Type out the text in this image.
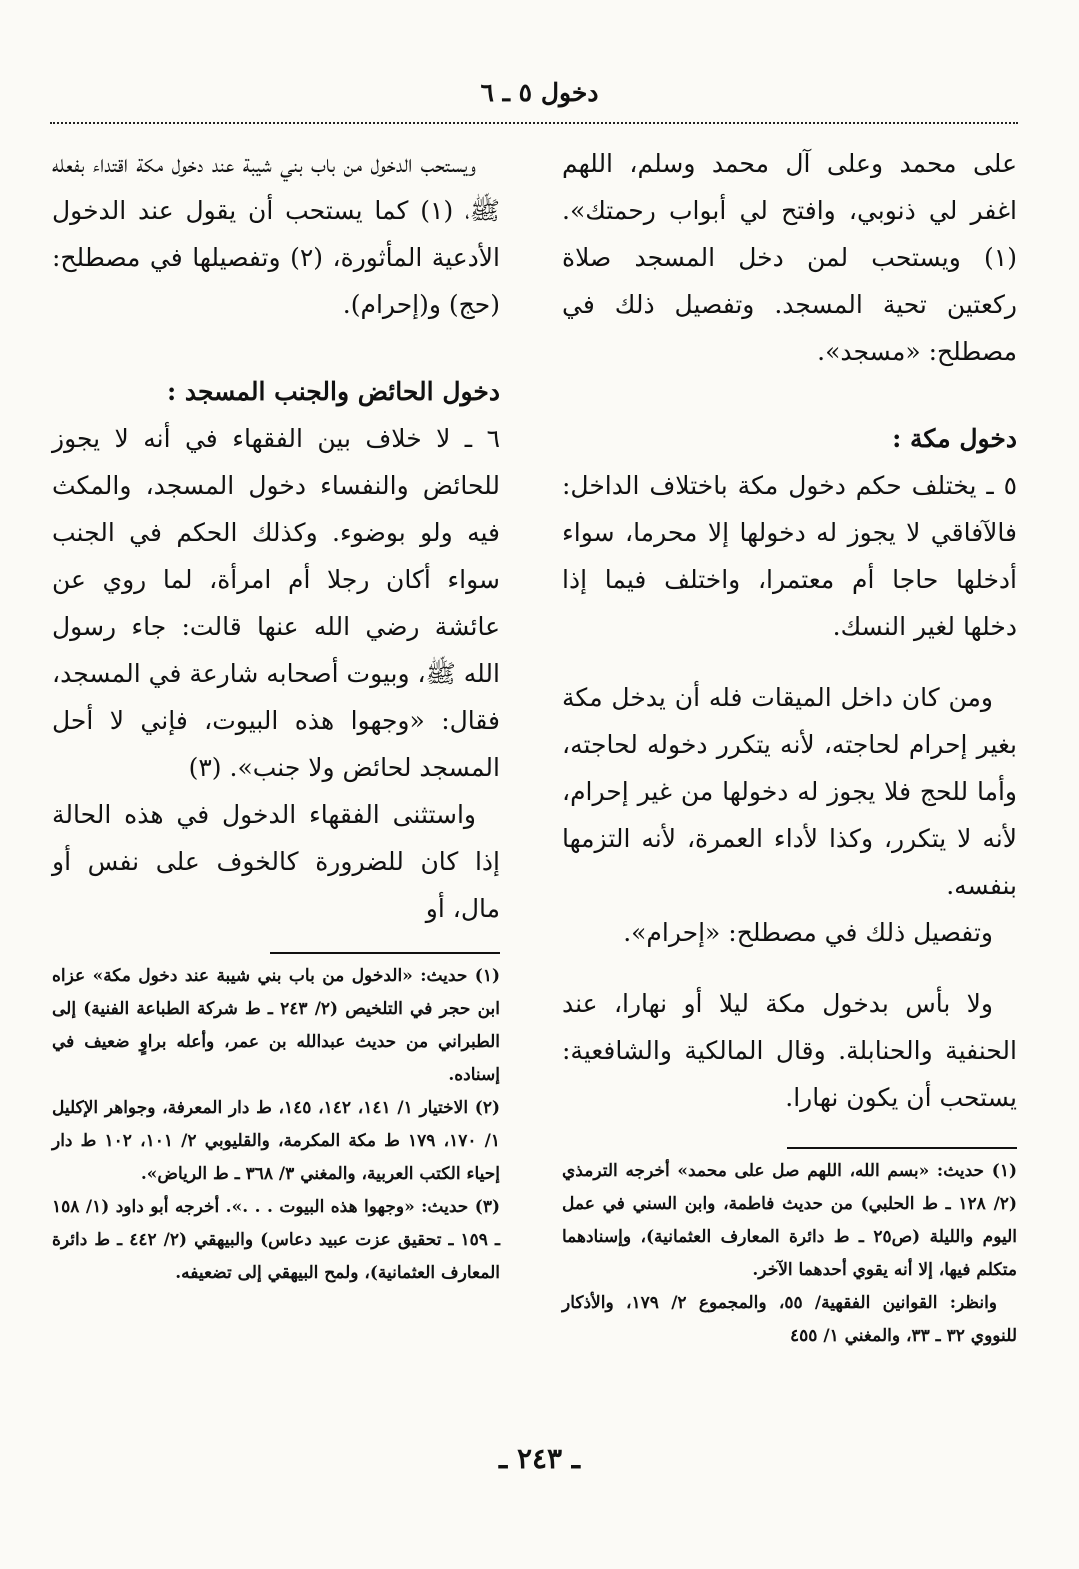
دخول ٥ ـ ٦

على محمد وعلى آل محمد وسلم، اللهم اغفر لي ذنوبي، وافتح لي أبواب رحمتك». (١) ويستحب لمن دخل المسجد صلاة ركعتين تحية المسجد. وتفصيل ذلك في مصطلح: «مسجد».

دخول مكة :

٥ ـ يختلف حكم دخول مكة باختلاف الداخل: فالآفاقي لا يجوز له دخولها إلا محرما، سواء أدخلها حاجا أم معتمرا، واختلف فيما إذا دخلها لغير النسك.

ومن كان داخل الميقات فله أن يدخل مكة بغير إحرام لحاجته، لأنه يتكرر دخوله لحاجته، وأما للحج فلا يجوز له دخولها من غير إحرام، لأنه لا يتكرر، وكذا لأداء العمرة، لأنه التزمها بنفسه.

وتفصيل ذلك في مصطلح: «إحرام».

ولا بأس بدخول مكة ليلا أو نهارا، عند الحنفية والحنابلة. وقال المالكية والشافعية: يستحب أن يكون نهارا.

(١) حديث: «بسم الله، اللهم صل على محمد» أخرجه الترمذي (٢/ ١٢٨ ـ ط الحلبي) من حديث فاطمة، وابن السني في عمل اليوم والليلة (ص٢٥ ـ ط دائرة المعارف العثمانية)، وإسنادهما متكلم فيها، إلا أنه يقوي أحدهما الآخر.

وانظر: القوانين الفقهية/ ٥٥، والمجموع ٢/ ١٧٩، والأذكار للنووي ٣٢ ـ ٣٣، والمغني ١/ ٤٥٥

ويستحب الدخول من باب بني شيبة عند دخول مكة اقتداء بفعله ﷺ، (١) كما يستحب أن يقول عند الدخول الأدعية المأثورة، (٢) وتفصيلها في مصطلح: (حج) و(إحرام).

دخول الحائض والجنب المسجد :

٦ ـ لا خلاف بين الفقهاء في أنه لا يجوز للحائض والنفساء دخول المسجد، والمكث فيه ولو بوضوء. وكذلك الحكم في الجنب سواء أكان رجلا أم امرأة، لما روي عن عائشة رضي الله عنها قالت: جاء رسول الله ﷺ، وبيوت أصحابه شارعة في المسجد، فقال: «وجهوا هذه البيوت، فإني لا أحل المسجد لحائض ولا جنب». (٣)

واستثنى الفقهاء الدخول في هذه الحالة إذا كان للضرورة كالخوف على نفس أو مال، أو

(١) حديث: «الدخول من باب بني شيبة عند دخول مكة» عزاه ابن حجر في التلخيص (٢/ ٢٤٣ ـ ط شركة الطباعة الفنية) إلى الطبراني من حديث عبدالله بن عمر، وأعله براوٍ ضعيف في إسناده.

(٢) الاختيار ١/ ١٤١، ١٤٢، ١٤٥، ط دار المعرفة، وجواهر الإكليل ١/ ١٧٠، ١٧٩ ط مكة المكرمة، والقليوبي ٢/ ١٠١، ١٠٢ ط دار إحياء الكتب العربية، والمغني ٣/ ٣٦٨ ـ ط الرياض».

(٣) حديث: «وجهوا هذه البيوت . . .». أخرجه أبو داود (١/ ١٥٨ ـ ١٥٩ ـ تحقيق عزت عبيد دعاس) والبيهقي (٢/ ٤٤٢ ـ ط دائرة المعارف العثمانية)، ولمح البيهقي إلى تضعيفه.

ـ ٢٤٣ ـ
